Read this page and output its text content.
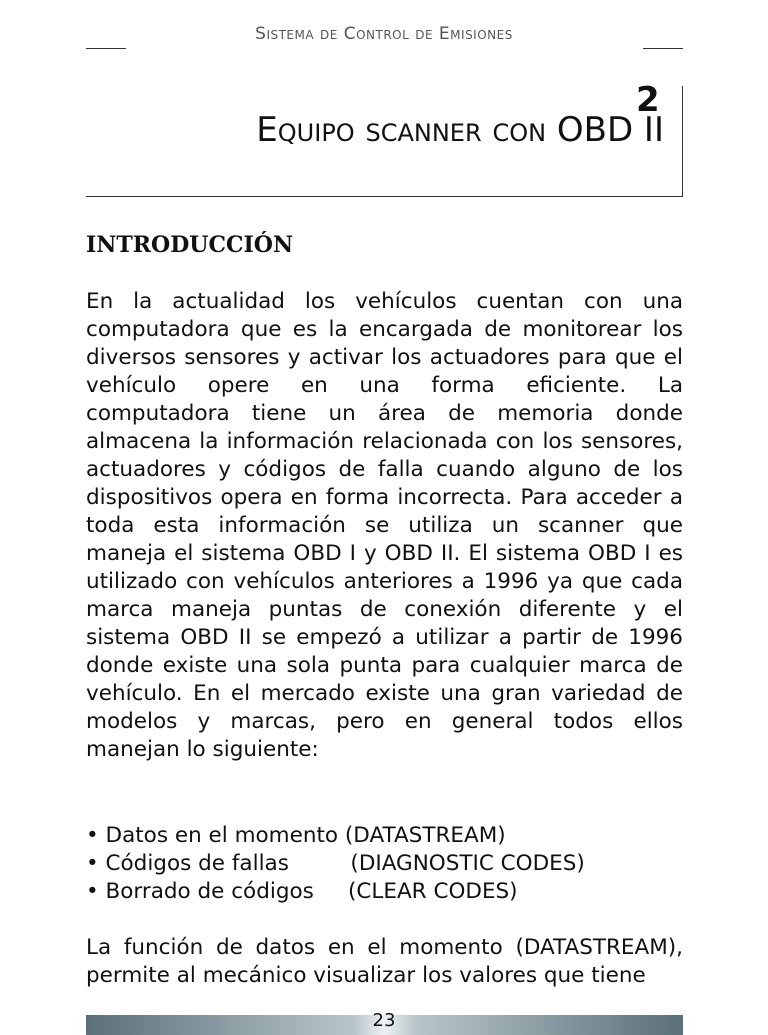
Sistema de Control de Emisiones
2
Equipo scanner con OBD II
INTRODUCCIÓN

En la actualidad los vehículos cuentan con una computadora que es la encargada de monitorear los diversos sensores y activar los actuadores para que el vehículo opere en una forma eficiente. La computadora tiene un área de memoria donde almacena la información relacionada con los sensores, actuadores y códigos de falla cuando alguno de los dispositivos opera en forma incorrecta. Para acceder a toda esta información se utiliza un scanner que maneja el sistema OBD I y OBD II. El sistema OBD I es utilizado con vehículos anteriores a 1996 ya que cada marca maneja puntas de conexión diferente y el sistema OBD II se empezó a utilizar a partir de 1996 donde existe una sola punta para cualquier marca de vehículo. En el mercado existe una gran variedad de modelos y marcas, pero en general todos ellos manejan lo siguiente:

• Datos en el momento (DATASTREAM)
• Códigos de fallas         (DIAGNOSTIC CODES)
• Borrado de códigos     (CLEAR CODES)

La función de datos en el momento (DATASTREAM), permite al mecánico visualizar los valores que tiene

23
